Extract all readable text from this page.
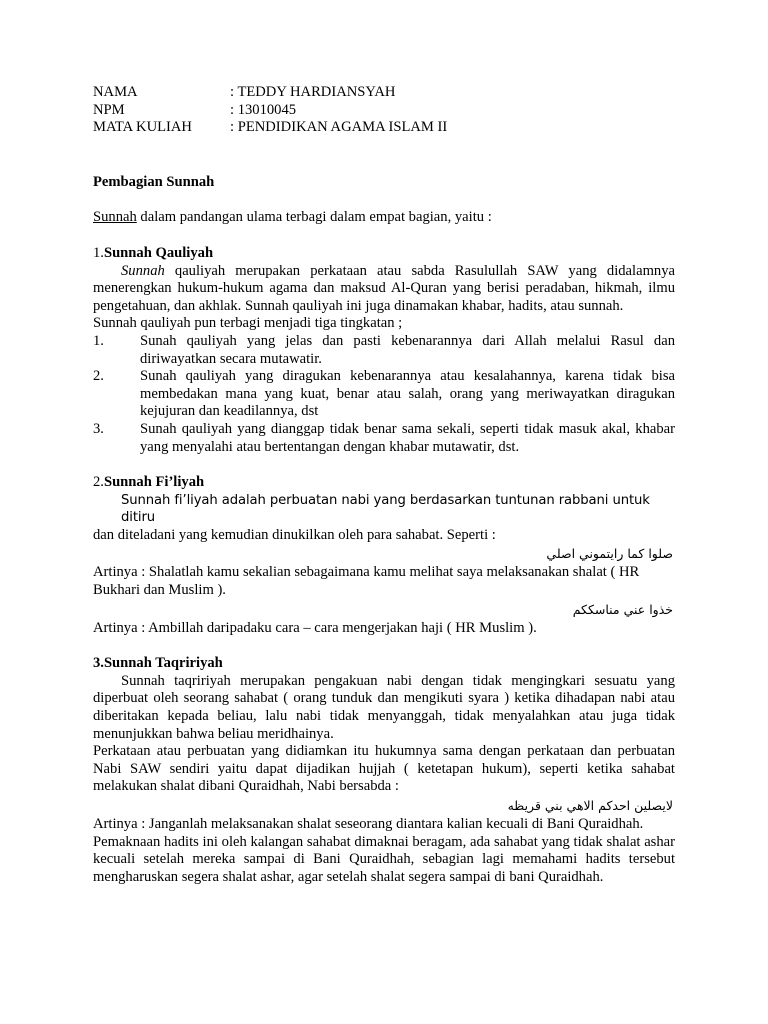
NAMA	: TEDDY HARDIANSYAH
NPM	: 13010045
MATA KULIAH	: PENDIDIKAN AGAMA ISLAM II
Pembagian Sunnah
Sunnah dalam pandangan ulama terbagi dalam empat bagian, yaitu :
1.Sunnah Qauliyah
Sunnah qauliyah merupakan perkataan atau sabda Rasulullah SAW yang didalamnya menerengkan hukum-hukum agama dan maksud Al-Quran yang berisi peradaban, hikmah, ilmu pengetahuan, dan akhlak. Sunnah qauliyah ini juga dinamakan khabar, hadits, atau sunnah.
Sunnah qauliyah pun terbagi menjadi tiga tingkatan ;
1.	Sunah qauliyah yang jelas dan pasti kebenarannya dari Allah melalui Rasul dan diriwayatkan secara mutawatir.
2.	Sunah qauliyah yang diragukan kebenarannya atau kesalahannya, karena tidak bisa membedakan mana yang kuat, benar atau salah, orang yang meriwayatkan diragukan kejujuran dan keadilannya, dst
3.	Sunah qauliyah yang dianggap tidak benar sama sekali, seperti tidak masuk akal, khabar yang menyalahi atau bertentangan dengan khabar mutawatir, dst.
2.Sunnah Fi’liyah
Sunnah fi’liyah adalah perbuatan nabi yang berdasarkan tuntunan rabbani untuk ditiru
dan diteladani yang kemudian dinukilkan oleh para sahabat. Seperti :
صلوا كما رايتموني اصلي
Artinya : Shalatlah kamu sekalian sebagaimana kamu melihat saya melaksanakan shalat ( HR Bukhari dan Muslim ).
خذوا عني مناسككم
Artinya : Ambillah daripadaku cara – cara mengerjakan haji ( HR Muslim ).
3.Sunnah Taqririyah
Sunnah taqririyah merupakan pengakuan nabi dengan tidak mengingkari sesuatu yang diperbuat oleh seorang sahabat ( orang tunduk dan mengikuti syara ) ketika dihadapan nabi atau diberitakan kepada beliau, lalu nabi tidak menyanggah, tidak menyalahkan atau juga tidak menunjukkan bahwa beliau meridhainya.
Perkataan atau perbuatan yang didiamkan itu hukumnya sama dengan perkataan dan perbuatan Nabi SAW sendiri yaitu dapat dijadikan hujjah ( ketetapan hukum), seperti ketika sahabat melakukan shalat dibani Quraidhah, Nabi bersabda :
لايصلين احدكم الاهي بني قريظه
Artinya : Janganlah melaksanakan shalat seseorang diantara kalian kecuali di Bani Quraidhah.
Pemaknaan hadits ini oleh kalangan sahabat dimaknai beragam, ada sahabat yang tidak shalat ashar kecuali setelah mereka sampai di Bani Quraidhah, sebagian lagi memahami hadits tersebut mengharuskan segera shalat ashar, agar setelah shalat segera sampai di bani Quraidhah.
